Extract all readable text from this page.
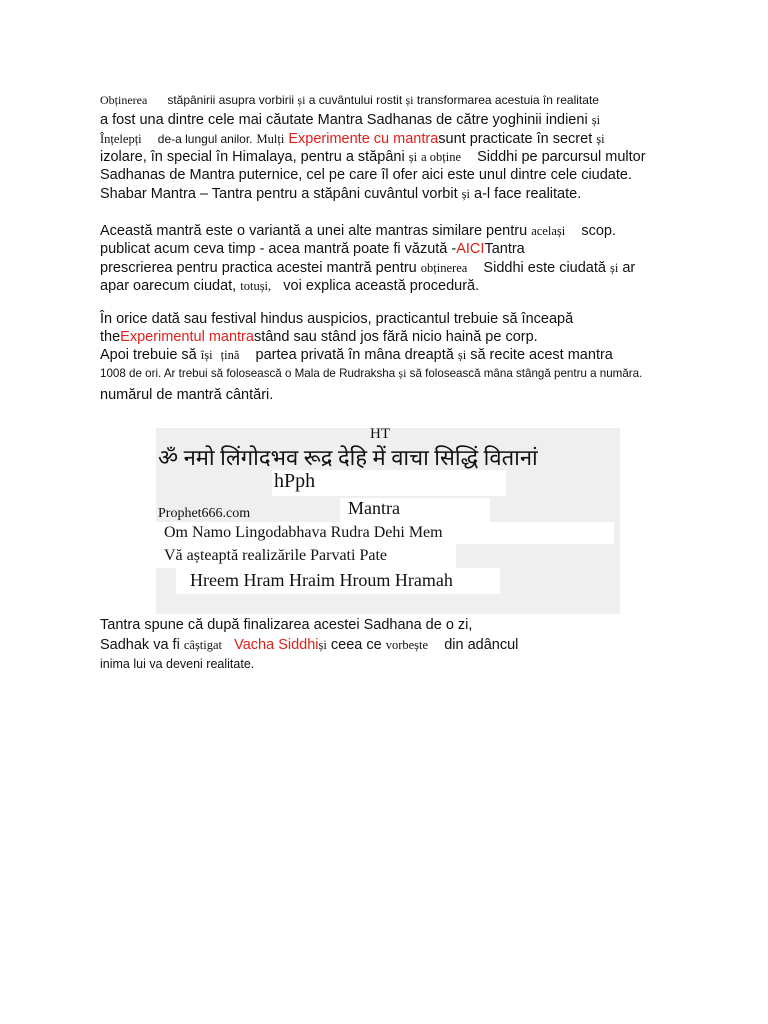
Obținerea stăpânirii asupra vorbirii și a cuvântului rostit și transformarea acestuia în realitate
a fost una dintre cele mai căutate Mantra Sadhanas de către yoghinii indieni și
Înțelepți de-a lungul anilor. Mulți Experimente cu mantrasunt practicate în secret și
izolare, în special în Himalaya, pentru a stăpâni și a obține Siddhi pe parcursul multor
Sadhanas de Mantra puternice, cel pe care îl ofer aici este unul dintre cele ciudate.
Shabar Mantra – Tantra pentru a stăpâni cuvântul vorbit și a-l face realitate.
Această mantră este o variantă a unei alte mantras similare pentru același scop.
publicat acum ceva timp - acea mantră poate fi văzută -AICITantra
prescrierea pentru practica acestei mantră pentru obținerea Siddhi este ciudată și ar
apar oarecum ciudat, totuși, voi explica această procedură.
În orice dată sau festival hindus auspicios, practicantul trebuie să înceapă
theExperimentul mantrastând sau stând jos fără nicio haină pe corp.
Apoi trebuie să își țină partea privată în mâna dreaptă și să recite acest mantra
1008 de ori. Ar trebui să folosească o Mala de Rudraksha și să folosească mâna stângă pentru a număra.
numărul de mantră cântări.
HT
ॐ नमो लिंगोदभव रूद्र देहि में वाचा सिद्धिं वितानां
hPph
Prophet666.com	Mantra
Om Namo Lingodabhava Rudra Dehi Mem
Vă așteaptă realizările Parvati Pate
Hreem Hram Hraim Hroum Hramah
Tantra spune că după finalizarea acestei Sadhana de o zi,
Sadhak va fi câștigat Vacha Siddhiși ceea ce vorbește din adâncul
inima lui va deveni realitate.
